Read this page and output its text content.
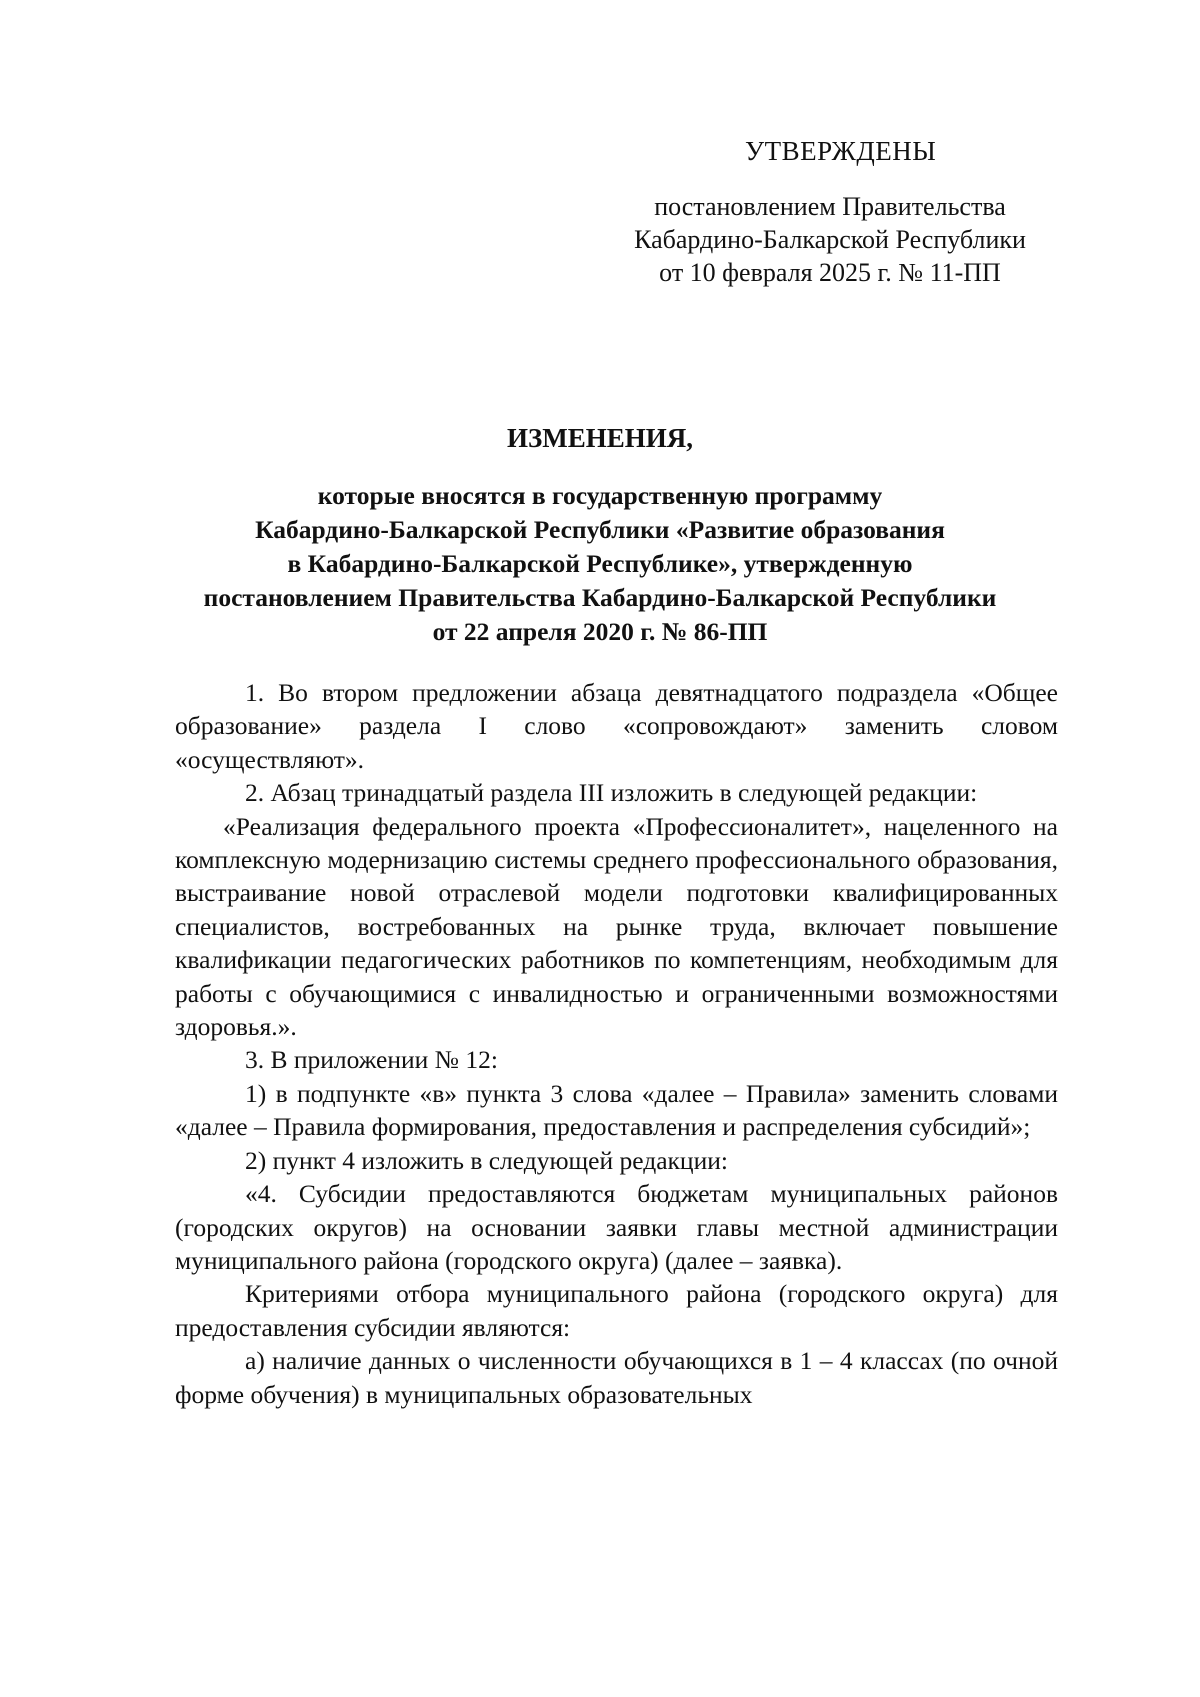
УТВЕРЖДЕНЫ
постановлением Правительства
Кабардино-Балкарской Республики
от 10 февраля 2025 г. № 11-ПП
ИЗМЕНЕНИЯ,
которые вносятся в государственную программу
Кабардино-Балкарской Республики «Развитие образования
в Кабардино-Балкарской Республике», утвержденную
постановлением Правительства Кабардино-Балкарской Республики
от 22 апреля 2020 г. № 86-ПП

1. Во втором предложении абзаца девятнадцатого подраздела «Общее образование» раздела I слово «сопровождают» заменить словом «осуществляют».

2. Абзац тринадцатый раздела III изложить в следующей редакции:

«Реализация федерального проекта «Профессионалитет», нацеленного на комплексную модернизацию системы среднего профессионального образования, выстраивание новой отраслевой модели подготовки квалифицированных специалистов, востребованных на рынке труда, включает повышение квалификации педагогических работников по компетенциям, необходимым для работы с обучающимися с инвалидностью и ограниченными возможностями здоровья.».

3. В приложении № 12:

1) в подпункте «в» пункта 3 слова «далее – Правила» заменить словами «далее – Правила формирования, предоставления и распределения субсидий»;

2) пункт 4 изложить в следующей редакции:

«4. Субсидии предоставляются бюджетам муниципальных районов (городских округов) на основании заявки главы местной администрации муниципального района (городского округа) (далее – заявка).

Критериями отбора муниципального района (городского округа) для предоставления субсидии являются:

а) наличие данных о численности обучающихся в 1 – 4 классах (по очной форме обучения) в муниципальных образовательных
